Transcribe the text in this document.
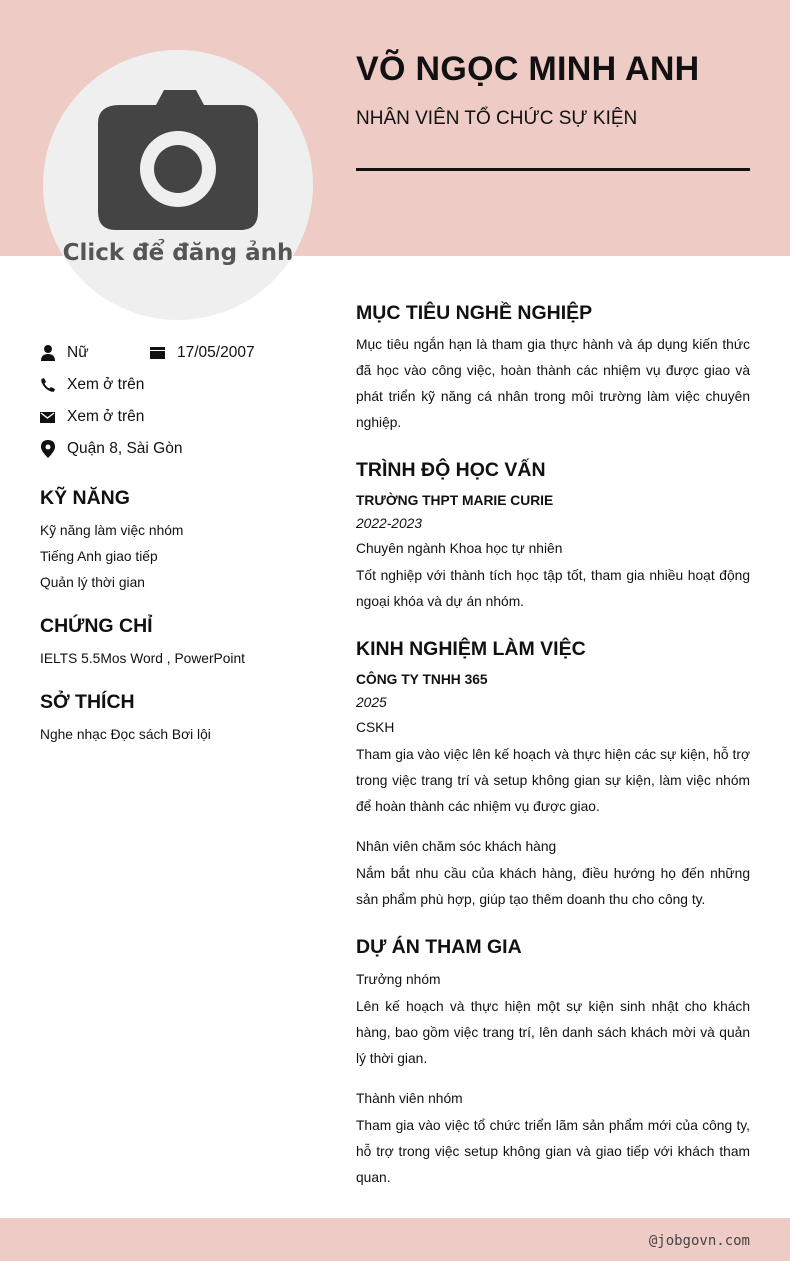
Click để đăng ảnh
VÕ NGỌC MINH ANH
NHÂN VIÊN TỔ CHỨC SỰ KIỆN
Nữ	17/05/2007
Xem ở trên
Xem ở trên
Quận 8, Sài Gòn
KỸ NĂNG
Kỹ năng làm việc nhóm
Tiếng Anh giao tiếp
Quản lý thời gian
CHỨNG CHỈ
IELTS 5.5Mos Word , PowerPoint
SỞ THÍCH
Nghe nhạc Đọc sách Bơi lội
MỤC TIÊU NGHỀ NGHIỆP
Mục tiêu ngắn hạn là tham gia thực hành và áp dụng kiến thức đã học vào công việc, hoàn thành các nhiệm vụ được giao và phát triển kỹ năng cá nhân trong môi trường làm việc chuyên nghiệp.
TRÌNH ĐỘ HỌC VẤN
TRƯỜNG THPT MARIE CURIE
2022-2023
Chuyên ngành Khoa học tự nhiên
Tốt nghiệp với thành tích học tập tốt, tham gia nhiều hoạt động ngoại khóa và dự án nhóm.
KINH NGHIỆM LÀM VIỆC
CÔNG TY TNHH 365
2025
CSKH
Tham gia vào việc lên kế hoạch và thực hiện các sự kiện, hỗ trợ trong việc trang trí và setup không gian sự kiện, làm việc nhóm để hoàn thành các nhiệm vụ được giao.
Nhân viên chăm sóc khách hàng
Nắm bắt nhu cầu của khách hàng, điều hướng họ đến những sản phẩm phù hợp, giúp tạo thêm doanh thu cho công ty.
DỰ ÁN THAM GIA
Trưởng nhóm
Lên kế hoạch và thực hiện một sự kiện sinh nhật cho khách hàng, bao gồm việc trang trí, lên danh sách khách mời và quản lý thời gian.
Thành viên nhóm
Tham gia vào việc tổ chức triển lãm sản phẩm mới của công ty, hỗ trợ trong việc setup không gian và giao tiếp với khách tham quan.
@jobgovn.com
